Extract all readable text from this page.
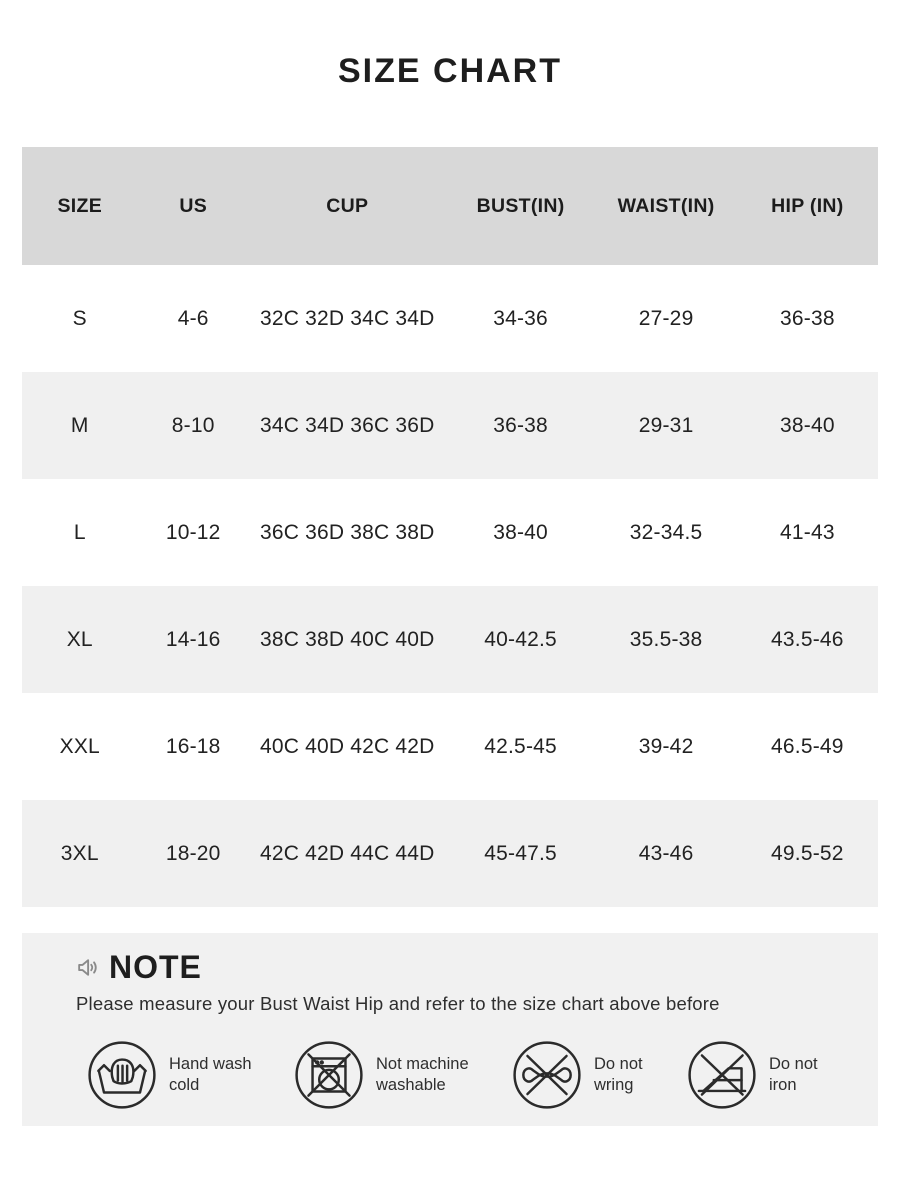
SIZE CHART
SIZE	US	CUP	BUST(IN)	WAIST(IN)	HIP (IN)
S	4-6	32C 32D 34C 34D	34-36	27-29	36-38
M	8-10	34C 34D 36C 36D	36-38	29-31	38-40
L	10-12	36C 36D 38C 38D	38-40	32-34.5	41-43
XL	14-16	38C 38D 40C 40D	40-42.5	35.5-38	43.5-46
XXL	16-18	40C 40D 42C 42D	42.5-45	39-42	46.5-49
3XL	18-20	42C 42D 44C 44D	45-47.5	43-46	49.5-52
NOTE
Please measure your Bust Waist Hip and refer to the size chart above before
Hand wash
cold
Not machine
washable
Do not
wring
Do not
iron
